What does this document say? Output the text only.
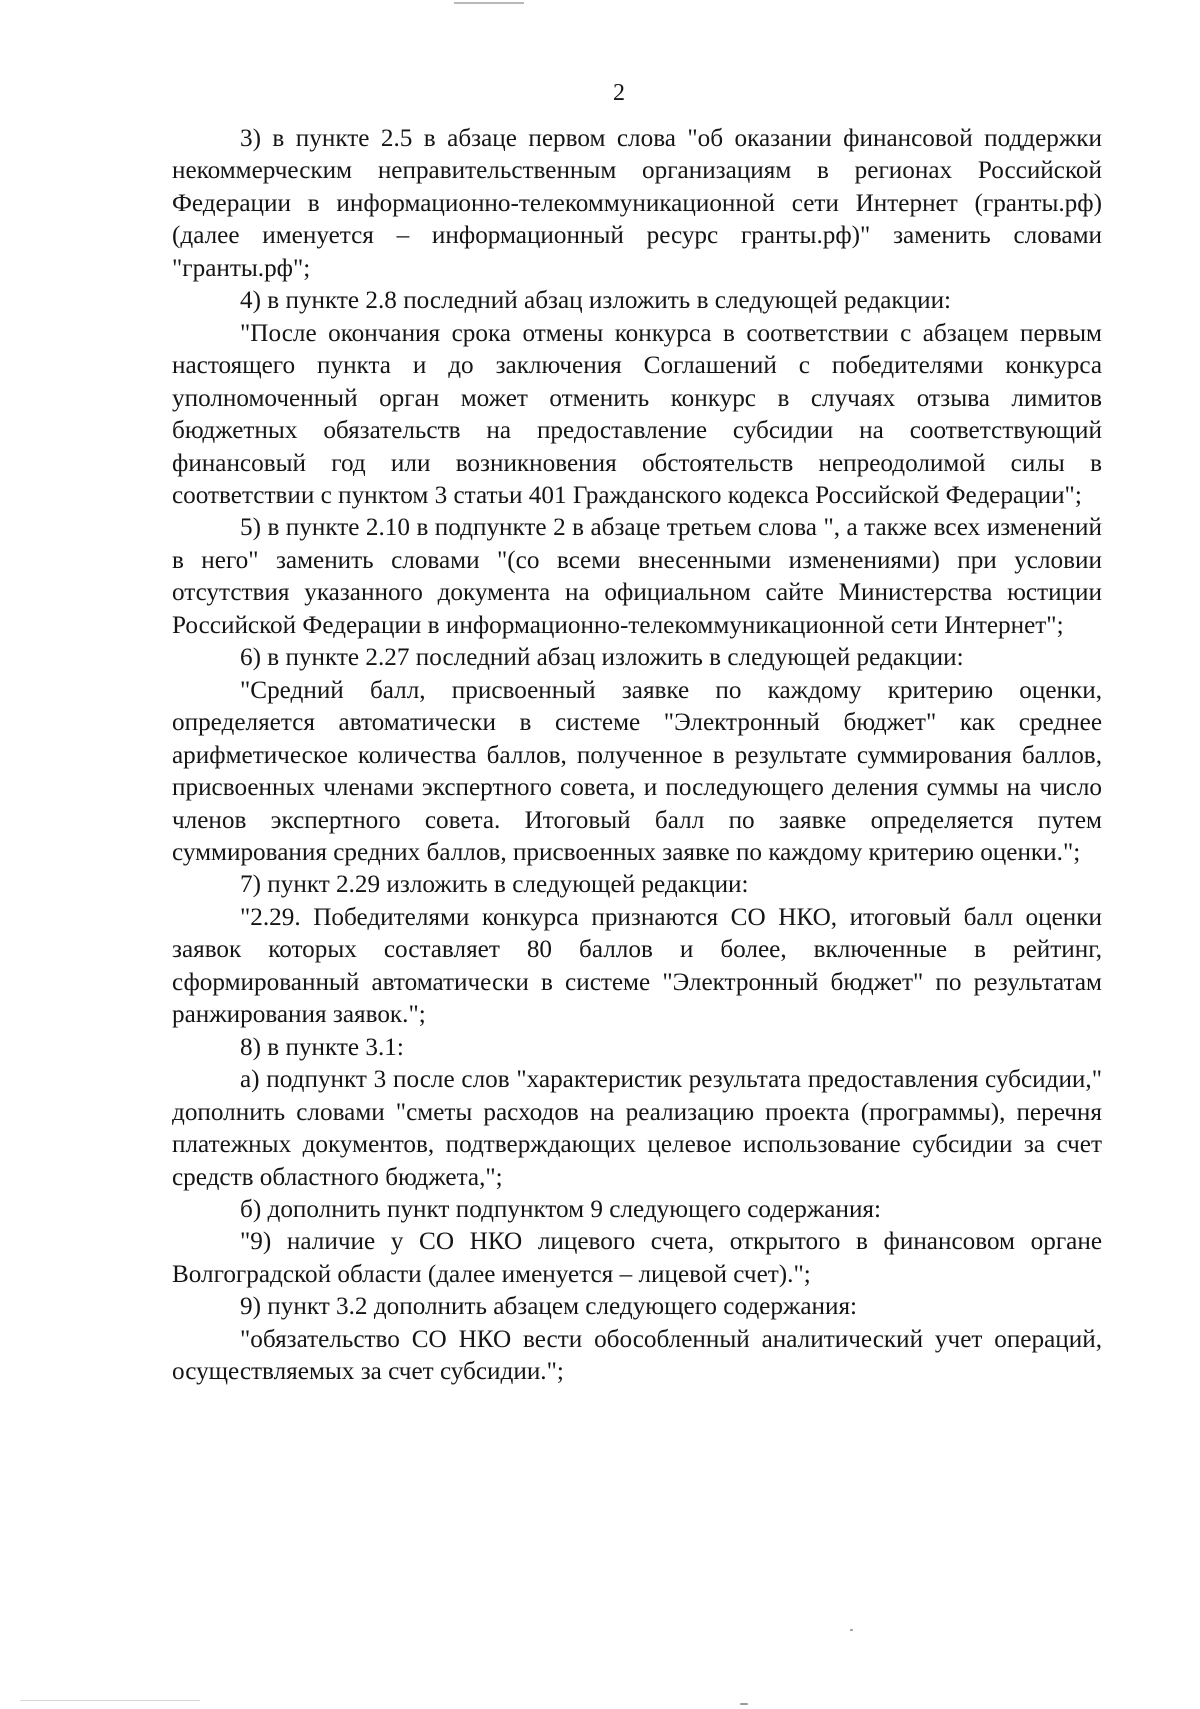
2

3) в пункте 2.5 в абзаце первом слова "об оказании финансовой поддержки некоммерческим неправительственным организациям в регионах Российской Федерации в информационно-телекоммуникационной сети Интернет (гранты.рф) (далее именуется – информационный ресурс гранты.рф)" заменить словами "гранты.рф";

4) в пункте 2.8 последний абзац изложить в следующей редакции:

"После окончания срока отмены конкурса в соответствии с абзацем первым настоящего пункта и до заключения Соглашений с победителями конкурса уполномоченный орган может отменить конкурс в случаях отзыва лимитов бюджетных обязательств на предоставление субсидии на соответствующий финансовый год или возникновения обстоятельств непреодолимой силы в соответствии с пунктом 3 статьи 401 Гражданского кодекса Российской Федерации";

5) в пункте 2.10 в подпункте 2 в абзаце третьем слова ", а также всех изменений в него" заменить словами "(со всеми внесенными изменениями) при условии отсутствия указанного документа на официальном сайте Министерства юстиции Российской Федерации в информационно-телекоммуникационной сети Интернет";

6) в пункте 2.27 последний абзац изложить в следующей редакции:

"Средний балл, присвоенный заявке по каждому критерию оценки, определяется автоматически в системе "Электронный бюджет" как среднее арифметическое количества баллов, полученное в результате суммирования баллов, присвоенных членами экспертного совета, и последующего деления суммы на число членов экспертного совета. Итоговый балл по заявке определяется путем суммирования средних баллов, присвоенных заявке по каждому критерию оценки.";

7) пункт 2.29 изложить в следующей редакции:

"2.29. Победителями конкурса признаются СО НКО, итоговый балл оценки заявок которых составляет 80 баллов и более, включенные в рейтинг, сформированный автоматически в системе "Электронный бюджет" по результатам ранжирования заявок.";

8) в пункте 3.1:

а) подпункт 3 после слов "характеристик результата предоставления субсидии," дополнить словами "сметы расходов на реализацию проекта (программы), перечня платежных документов, подтверждающих целевое использование субсидии за счет средств областного бюджета,";

б) дополнить пункт подпунктом 9 следующего содержания:

"9) наличие у СО НКО лицевого счета, открытого в финансовом органе Волгоградской области (далее именуется – лицевой счет).";

9) пункт 3.2 дополнить абзацем следующего содержания:

"обязательство СО НКО вести обособленный аналитический учет операций, осуществляемых за счет субсидии.";
